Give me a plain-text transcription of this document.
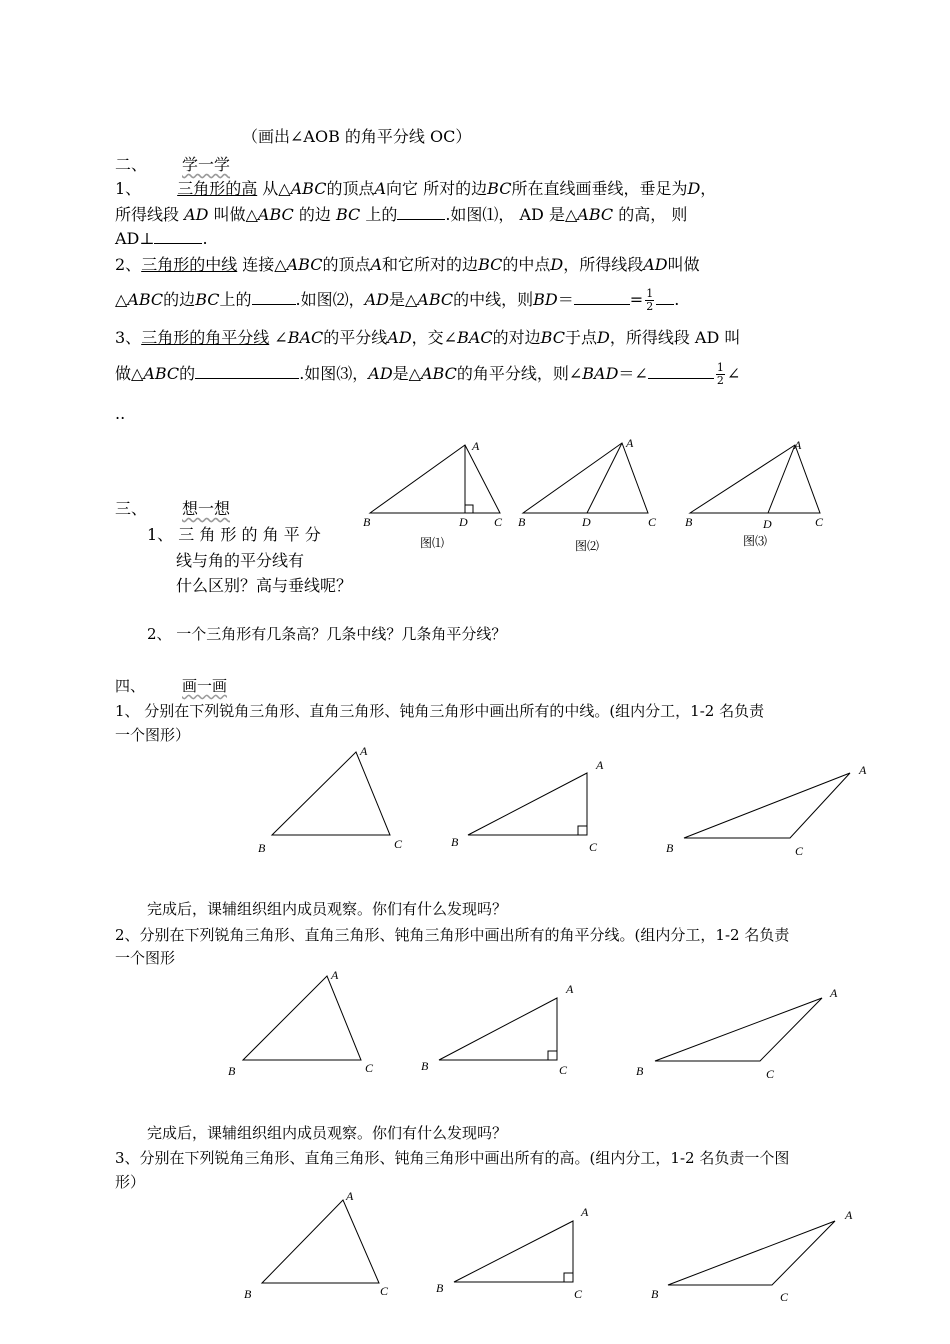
（画出∠AOB 的角平分线 OC）
二、 学一学
1、 三角形的高 从△ABC的顶点A向它 所对的边BC所在直线画垂线，垂足为D，
所得线段 AD 叫做△ABC 的边 BC 上的	.如图⑴， AD 是△ABC 的高， 则
AD⊥	.
2、三角形的中线 连接△ABC的顶点A和它所对的边BC的中点D，所得线段AD叫做
△ABC的边BC上的	.如图⑵，AD是△ABC的中线，则BD＝	= $\frac{1}{2}$ .
3、三角形的角平分线 ∠BAC的平分线AD，交∠BAC的对边BC于点D，所得线段 AD 叫
做△ABC的	.如图⑶，AD是△ABC的角平分线，则∠BAD＝∠	$\frac{1}{2}$ ∠
..
A
B	D C
图⑴
A
B	D	C
图⑵
A
B	D	C
图⑶
三、 想一想
1、 三 角 形 的 角 平 分
线与角的平分线有
什么区别？高与垂线呢？
2、 一个三角形有几条高？几条中线？几条角平分线？
四、 画一画
1、 分别在下列锐角三角形、直角三角形、钝角三角形中画出所有的中线。(组内分工，1-2 名负责
一个图形）
A
B	C
A
B	C
A
B	C
完成后，课辅组织组内成员观察。你们有什么发现吗？
2、分别在下列锐角三角形、直角三角形、钝角三角形中画出所有的角平分线。(组内分工，1-2 名负责
一个图形
A
B	C
A
B	C
A
B	C
完成后，课辅组织组内成员观察。你们有什么发现吗？
3、分别在下列锐角三角形、直角三角形、钝角三角形中画出所有的高。(组内分工，1-2 名负责一个图
形）
A
B	C
A
B	C
A
B	C
